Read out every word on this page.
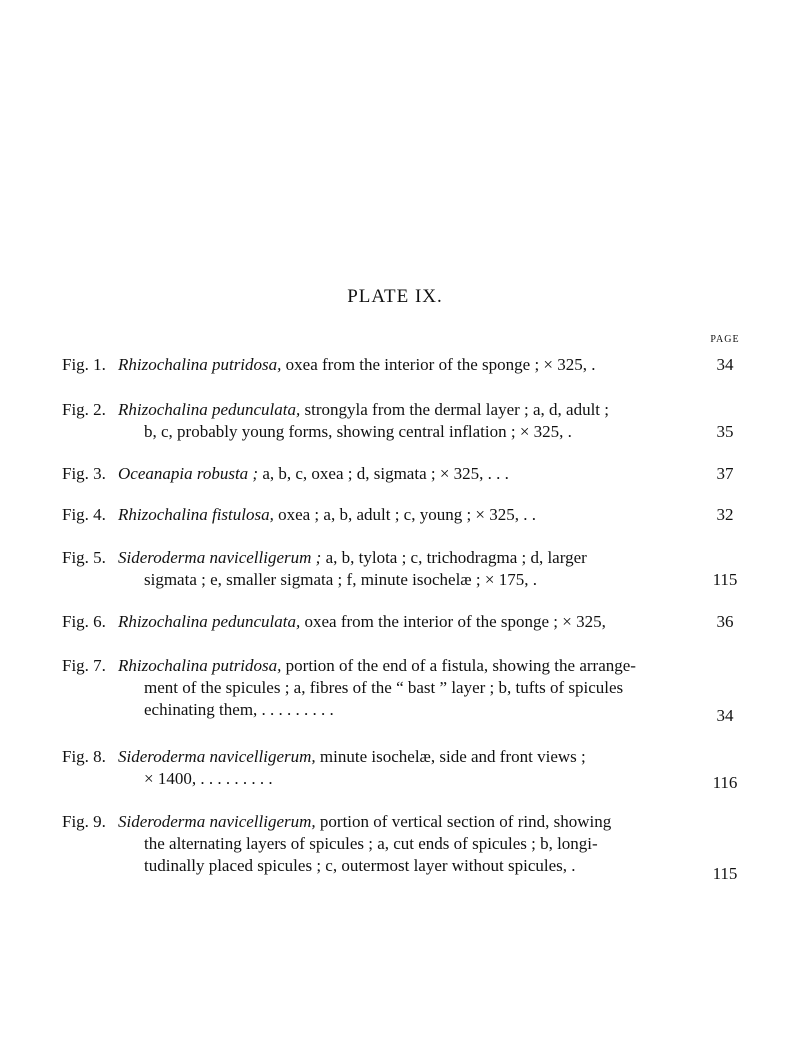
PLATE IX.
PAGE
Fig. 1. Rhizochalina putridosa, oxea from the interior of the sponge ; × 325, .	34
Fig. 2. Rhizochalina pedunculata, strongyla from the dermal layer ; a, d, adult ;
b, c, probably young forms, showing central inflation ; × 325, .	35
Fig. 3. Oceanapia robusta ; a, b, c, oxea ; d, sigmata ; × 325, . . .	37
Fig. 4. Rhizochalina fistulosa, oxea ; a, b, adult ; c, young ; × 325, . .	32
Fig. 5. Sideroderma navicelligerum ; a, b, tylota ; c, trichodragma ; d, larger
sigmata ; e, smaller sigmata ; f, minute isochelæ ; × 175, .	115
Fig. 6. Rhizochalina pedunculata, oxea from the interior of the sponge ; × 325,	36
Fig. 7. Rhizochalina putridosa, portion of the end of a fistula, showing the arrange-
ment of the spicules ; a, fibres of the “ bast ” layer ; b, tufts of spicules
echinating them, . . . . . . . . .	34
Fig. 8. Sideroderma navicelligerum, minute isochelæ, side and front views ;
× 1400, . . . . . . . . .	116
Fig. 9. Sideroderma navicelligerum, portion of vertical section of rind, showing
the alternating layers of spicules ; a, cut ends of spicules ; b, longi-
tudinally placed spicules ; c, outermost layer without spicules, .	115
